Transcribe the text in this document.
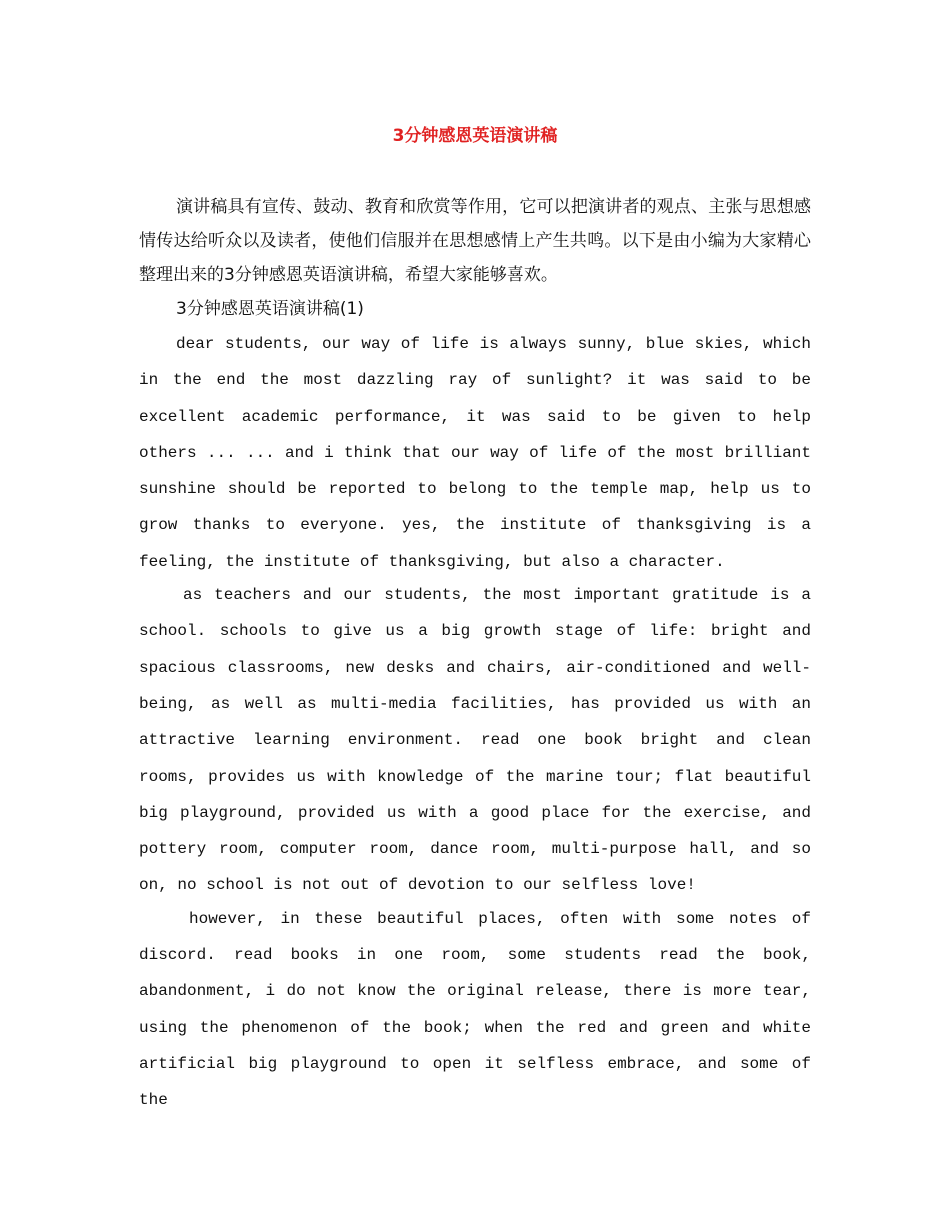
3分钟感恩英语演讲稿

演讲稿具有宣传、鼓动、教育和欣赏等作用，它可以把演讲者的观点、主张与思想感情传达给听众以及读者，使他们信服并在思想感情上产生共鸣。以下是由小编为大家精心整理出来的3分钟感恩英语演讲稿，希望大家能够喜欢。

3分钟感恩英语演讲稿(1)

dear students, our way of life is always sunny, blue skies, which in the end the most dazzling ray of sunlight? it was said to be excellent academic performance, it was said to be given to help others ... ... and i think that our way of life of the most brilliant sunshine should be reported to belong to the temple map, help us to grow thanks to everyone. yes, the institute of thanksgiving is a feeling, the institute of thanksgiving, but also a character.

as teachers and our students, the most important gratitude is a school. schools to give us a big growth stage of life: bright and spacious classrooms, new desks and chairs, air-conditioned and well-being, as well as multi-media facilities, has provided us with an attractive learning environment. read one book bright and clean rooms, provides us with knowledge of the marine tour; flat beautiful big playground, provided us with a good place for the exercise, and pottery room, computer room, dance room, multi-purpose hall, and so on, no school is not out of devotion to our selfless love!

however, in these beautiful places, often with some notes of discord. read books in one room, some students read the book, abandonment, i do not know the original release, there is more tear, using the phenomenon of the book; when the red and green and white artificial big playground to open it selfless embrace, and some of the
